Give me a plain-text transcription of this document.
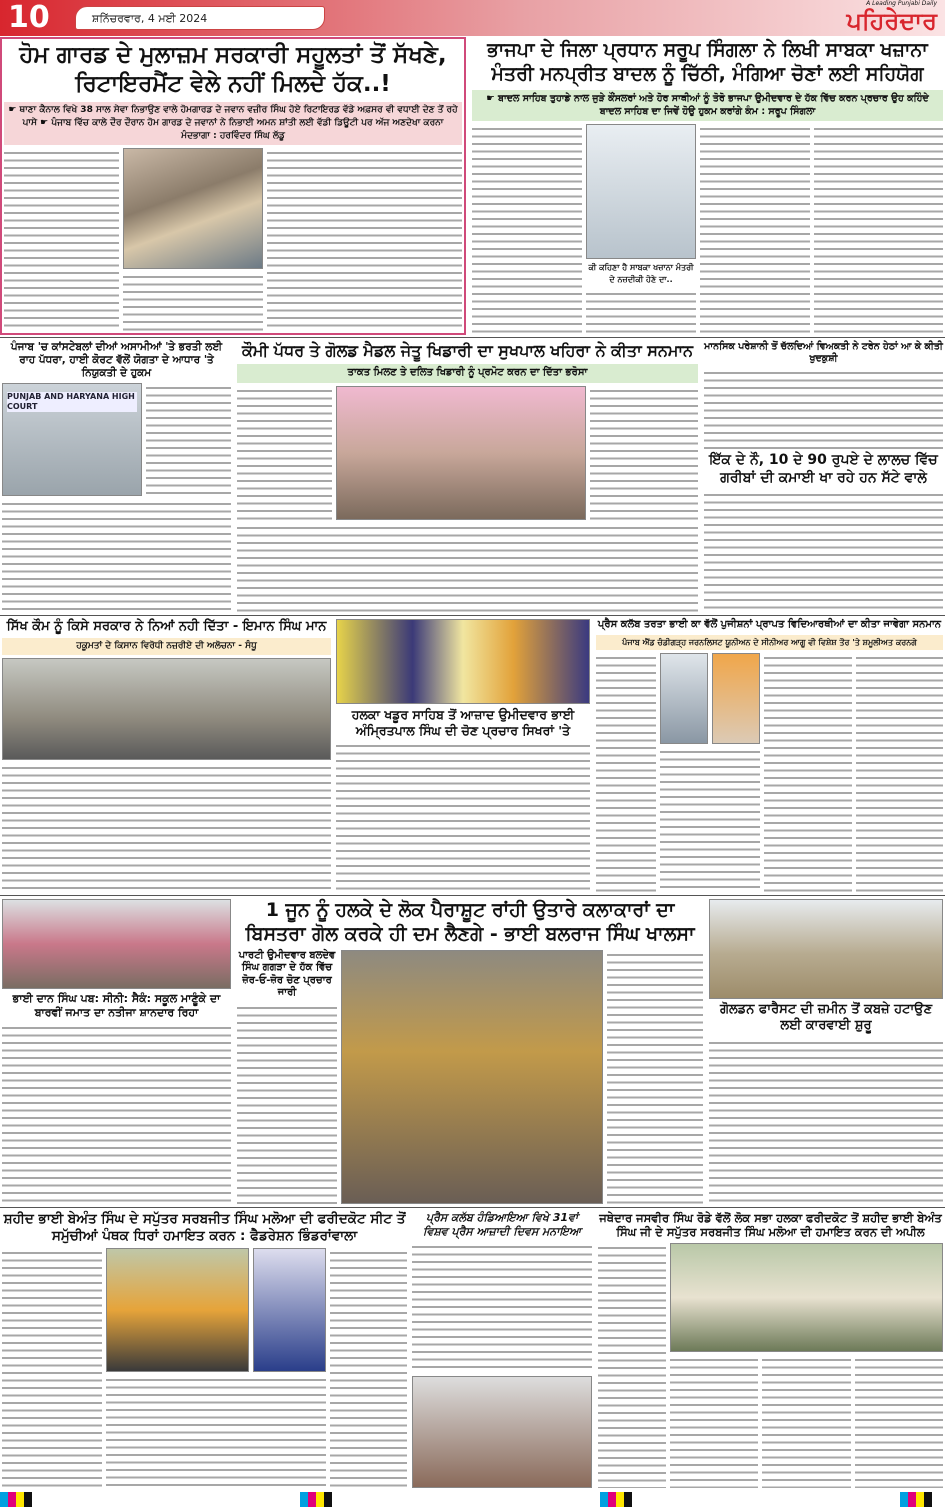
10	ਸ਼ਨਿੱਚਰਵਾਰ, 4 ਮਈ 2024
A Leading Punjabi Daily
ਪਹਿਰੇਦਾਰ
ਹੋਮ ਗਾਰਡ ਦੇ ਮੁਲਾਜ਼ਮ ਸਰਕਾਰੀ ਸਹੂਲਤਾਂ ਤੋਂ ਸੱਖਣੇ, ਰਿਟਾਇਰਮੈਂਟ ਵੇਲੇ ਨਹੀਂ ਮਿਲਦੇ ਹੱਕ..!
☛ ਥਾਣਾ ਕੈਨਾਲ ਵਿਖੇ 38 ਸਾਲ ਸੇਵਾ ਨਿਭਾਉਣ ਵਾਲੇ ਹੋਮਗਾਰਡ ਦੇ ਜਵਾਨ ਵਜ਼ੀਰ ਸਿੰਘ ਹੋਏ ਰਿਟਾਇਰਡ ਵੱਡੇ ਅਫ਼ਸਰ ਵੀ ਵਧਾਈ ਦੇਣ ਤੋਂ ਰਹੇ ਪਾਸੇ ☛ ਪੰਜਾਬ ਵਿੱਚ ਕਾਲੇ ਦੌਰ ਦੌਰਾਨ ਹੋਮ ਗਾਰਡ ਦੇ ਜਵਾਨਾਂ ਨੇ ਨਿਭਾਈ ਅਮਨ ਸ਼ਾਂਤੀ ਲਈ ਵੱਡੀ ਡਿਊਟੀ ਪਰ ਅੱਜ ਅਣਦੇਖਾ ਕਰਨਾ ਮੰਦਭਾਗਾ : ਹਰਵਿੰਦਰ ਸਿੰਘ ਲੱਡੂ
ਭਾਜਪਾ ਦੇ ਜਿਲਾ ਪ੍ਰਧਾਨ ਸਰੂਪ ਸਿੰਗਲਾ ਨੇ ਲਿਖੀ ਸਾਬਕਾ ਖਜ਼ਾਨਾ ਮੰਤਰੀ ਮਨਪ੍ਰੀਤ ਬਾਦਲ ਨੂੰ ਚਿੱਠੀ, ਮੰਗਿਆ ਚੋਣਾਂ ਲਈ ਸਹਿਯੋਗ
☛ ਬਾਦਲ ਸਾਹਿਬ ਤੁਹਾਡੇ ਨਾਲ ਜੁੜੇ ਕੌਂਸਲਰਾਂ ਅਤੇ ਹੋਰ ਸਾਥੀਆਂ ਨੂੰ ਤੋਰੋ ਭਾਜਪਾ ਉਮੀਦਵਾਰ ਦੇ ਹੱਕ ਵਿੱਚ ਕਰਨ ਪ੍ਰਚਾਰ ਉਹ ਕਹਿੰਦੇ ਬਾਦਲ ਸਾਹਿਬ ਦਾ ਜਿਵੇਂ ਹੋਉ ਹੁਕਮ ਕਰਾਂਗੇ ਕੰਮ : ਸਰੂਪ ਸਿੰਗਲਾ
ਕੀ ਕਹਿਣਾ ਹੈ ਸਾਬਕਾ ਖਜ਼ਾਨਾ ਮੰਤਰੀ ਦੇ ਨਜ਼ਦੀਕੀ ਹੋਣੇ ਦਾ..
ਪੰਜਾਬ 'ਚ ਕਾਂਸਟੇਬਲਾਂ ਦੀਆਂ ਅਸਾਮੀਆਂ 'ਤੇ ਭਰਤੀ ਲਈ ਰਾਹ ਪੱਧਰਾ, ਹਾਈ ਕੋਰਟ ਵੱਲੋਂ ਯੋਗਤਾ ਦੇ ਆਧਾਰ 'ਤੇ ਨਿਯੁਕਤੀ ਦੇ ਹੁਕਮ
PUNJAB AND HARYANA HIGH COURT
ਕੌਮੀ ਪੱਧਰ ਤੇ ਗੋਲਡ ਮੈਡਲ ਜੇਤੂ ਖਿਡਾਰੀ ਦਾ ਸੁਖਪਾਲ ਖਹਿਰਾ ਨੇ ਕੀਤਾ ਸਨਮਾਨ
ਤਾਕਤ ਮਿਲਣ ਤੇ ਦਲਿਤ ਖਿਡਾਰੀ ਨੂੰ ਪ੍ਰਮੋਟ ਕਰਨ ਦਾ ਦਿੱਤਾ ਭਰੋਸਾ
ਮਾਨਸਿਕ ਪਰੇਸ਼ਾਨੀ ਤੋਂ ਚੱਲਦਿਆਂ ਵਿਅਕਤੀ ਨੇ ਟਰੇਨ ਹੇਠਾਂ ਆ ਕੇ ਕੀਤੀ ਖੁਦਕੁਸ਼ੀ
ਇੱਕ ਦੇ ਨੌ, 10 ਦੇ 90 ਰੁਪਏ ਦੇ ਲਾਲਚ ਵਿੱਚ ਗਰੀਬਾਂ ਦੀ ਕਮਾਈ ਖਾ ਰਹੇ ਹਨ ਸੱਟੇ ਵਾਲੇ
ਸਿੱਖ ਕੌਮ ਨੂੰ ਕਿਸੇ ਸਰਕਾਰ ਨੇ ਨਿਆਂ ਨਹੀ ਦਿੱਤਾ - ਇਮਾਨ ਸਿੰਘ ਮਾਨ
ਹਕੂਮਤਾਂ ਦੇ ਕਿਸਾਨ ਵਿਰੋਧੀ ਨਜ਼ਰੀਏ ਦੀ ਅਲੋਚਨਾ - ਸੰਧੂ
ਹਲਕਾ ਖਡੂਰ ਸਾਹਿਬ ਤੋਂ ਆਜ਼ਾਦ ਉਮੀਦਵਾਰ ਭਾਈ ਅੰਮ੍ਰਿਤਪਾਲ ਸਿੰਘ ਦੀ ਚੋਣ ਪ੍ਰਚਾਰ ਸਿਖਰਾਂ 'ਤੇ
ਪ੍ਰੈਸ ਕਲੱਬ ਤਰਤਾ ਭਾਈ ਕਾ ਵੱਲੋਂ ਪੁਜੀਸ਼ਨਾਂ ਪ੍ਰਾਪਤ ਵਿਦਿਆਰਥੀਆਂ ਦਾ ਕੀਤਾ ਜਾਵੇਗਾ ਸਨਮਾਨ
ਪੰਜਾਬ ਐਂਡ ਚੰਡੀਗੜ੍ਹ ਜਰਨਲਿਸਟ ਯੂਨੀਅਨ ਦੇ ਸੀਨੀਅਰ ਆਗੂ ਵੀ ਵਿਸ਼ੇਸ਼ ਤੌਰ 'ਤੇ ਸ਼ਮੂਲੀਅਤ ਕਰਨਗੇ
ਭਾਈ ਦਾਨ ਸਿੰਘ ਪਬ: ਸੀਨੀ: ਸੈਕੰ: ਸਕੂਲ ਮਾਣੂੰਕੇ ਦਾ ਬਾਰਵੀਂ ਜਮਾਤ ਦਾ ਨਤੀਜਾ ਸ਼ਾਨਦਾਰ ਰਿਹਾ
1 ਜੂਨ ਨੂੰ ਹਲਕੇ ਦੇ ਲੋਕ ਪੈਰਾਸ਼ੂਟ ਰਾਂਹੀ ਉਤਾਰੇ ਕਲਾਕਾਰਾਂ ਦਾ ਬਿਸਤਰਾ ਗੋਲ ਕਰਕੇ ਹੀ ਦਮ ਲੈਣਗੇ - ਭਾਈ ਬਲਰਾਜ ਸਿੰਘ ਖਾਲਸਾ
ਪਾਰਟੀ ਉਮੀਦਵਾਰ ਬਲਦੇਵ ਸਿੰਘ ਗਗੜਾ ਦੇ ਹੱਕ ਵਿੱਚ ਜ਼ੋਰ-ਓ-ਜ਼ੋਰ ਚੋਣ ਪ੍ਰਚਾਰ ਜਾਰੀ
ਗੋਲਡਨ ਫਾਰੈਸਟ ਦੀ ਜ਼ਮੀਨ ਤੋਂ ਕਬਜ਼ੇ ਹਟਾਉਣ ਲਈ ਕਾਰਵਾਈ ਸ਼ੁਰੂ
ਸ਼ਹੀਦ ਭਾਈ ਬੇਅੰਤ ਸਿੰਘ ਦੇ ਸਪੁੱਤਰ ਸਰਬਜੀਤ ਸਿੰਘ ਮਲੋਆ ਦੀ ਫਰੀਦਕੋਟ ਸੀਟ ਤੋਂ ਸਮੁੱਚੀਆਂ ਪੰਥਕ ਧਿਰਾਂ ਹਮਾਇਤ ਕਰਨ : ਫੈਡਰੇਸ਼ਨ ਭਿੰਡਰਾਂਵਾਲਾ
ਪ੍ਰੈਸ ਕਲੱਬ ਹੰਡਿਆਇਆ ਵਿਖੇ 31ਵਾਂ ਵਿਸ਼ਵ ਪ੍ਰੈਸ ਆਜ਼ਾਦੀ ਦਿਵਸ ਮਨਾਇਆ
ਜਥੇਦਾਰ ਜਸਵੀਰ ਸਿੰਘ ਰੋਡੇ ਵੱਲੋਂ ਲੋਕ ਸਭਾ ਹਲਕਾ ਫਰੀਦਕੋਟ ਤੋਂ ਸ਼ਹੀਦ ਭਾਈ ਬੇਅੰਤ ਸਿੰਘ ਜੀ ਦੇ ਸਪੁੱਤਰ ਸਰਬਜੀਤ ਸਿੰਘ ਮਲੋਆ ਦੀ ਹਮਾਇਤ ਕਰਨ ਦੀ ਅਪੀਲ
